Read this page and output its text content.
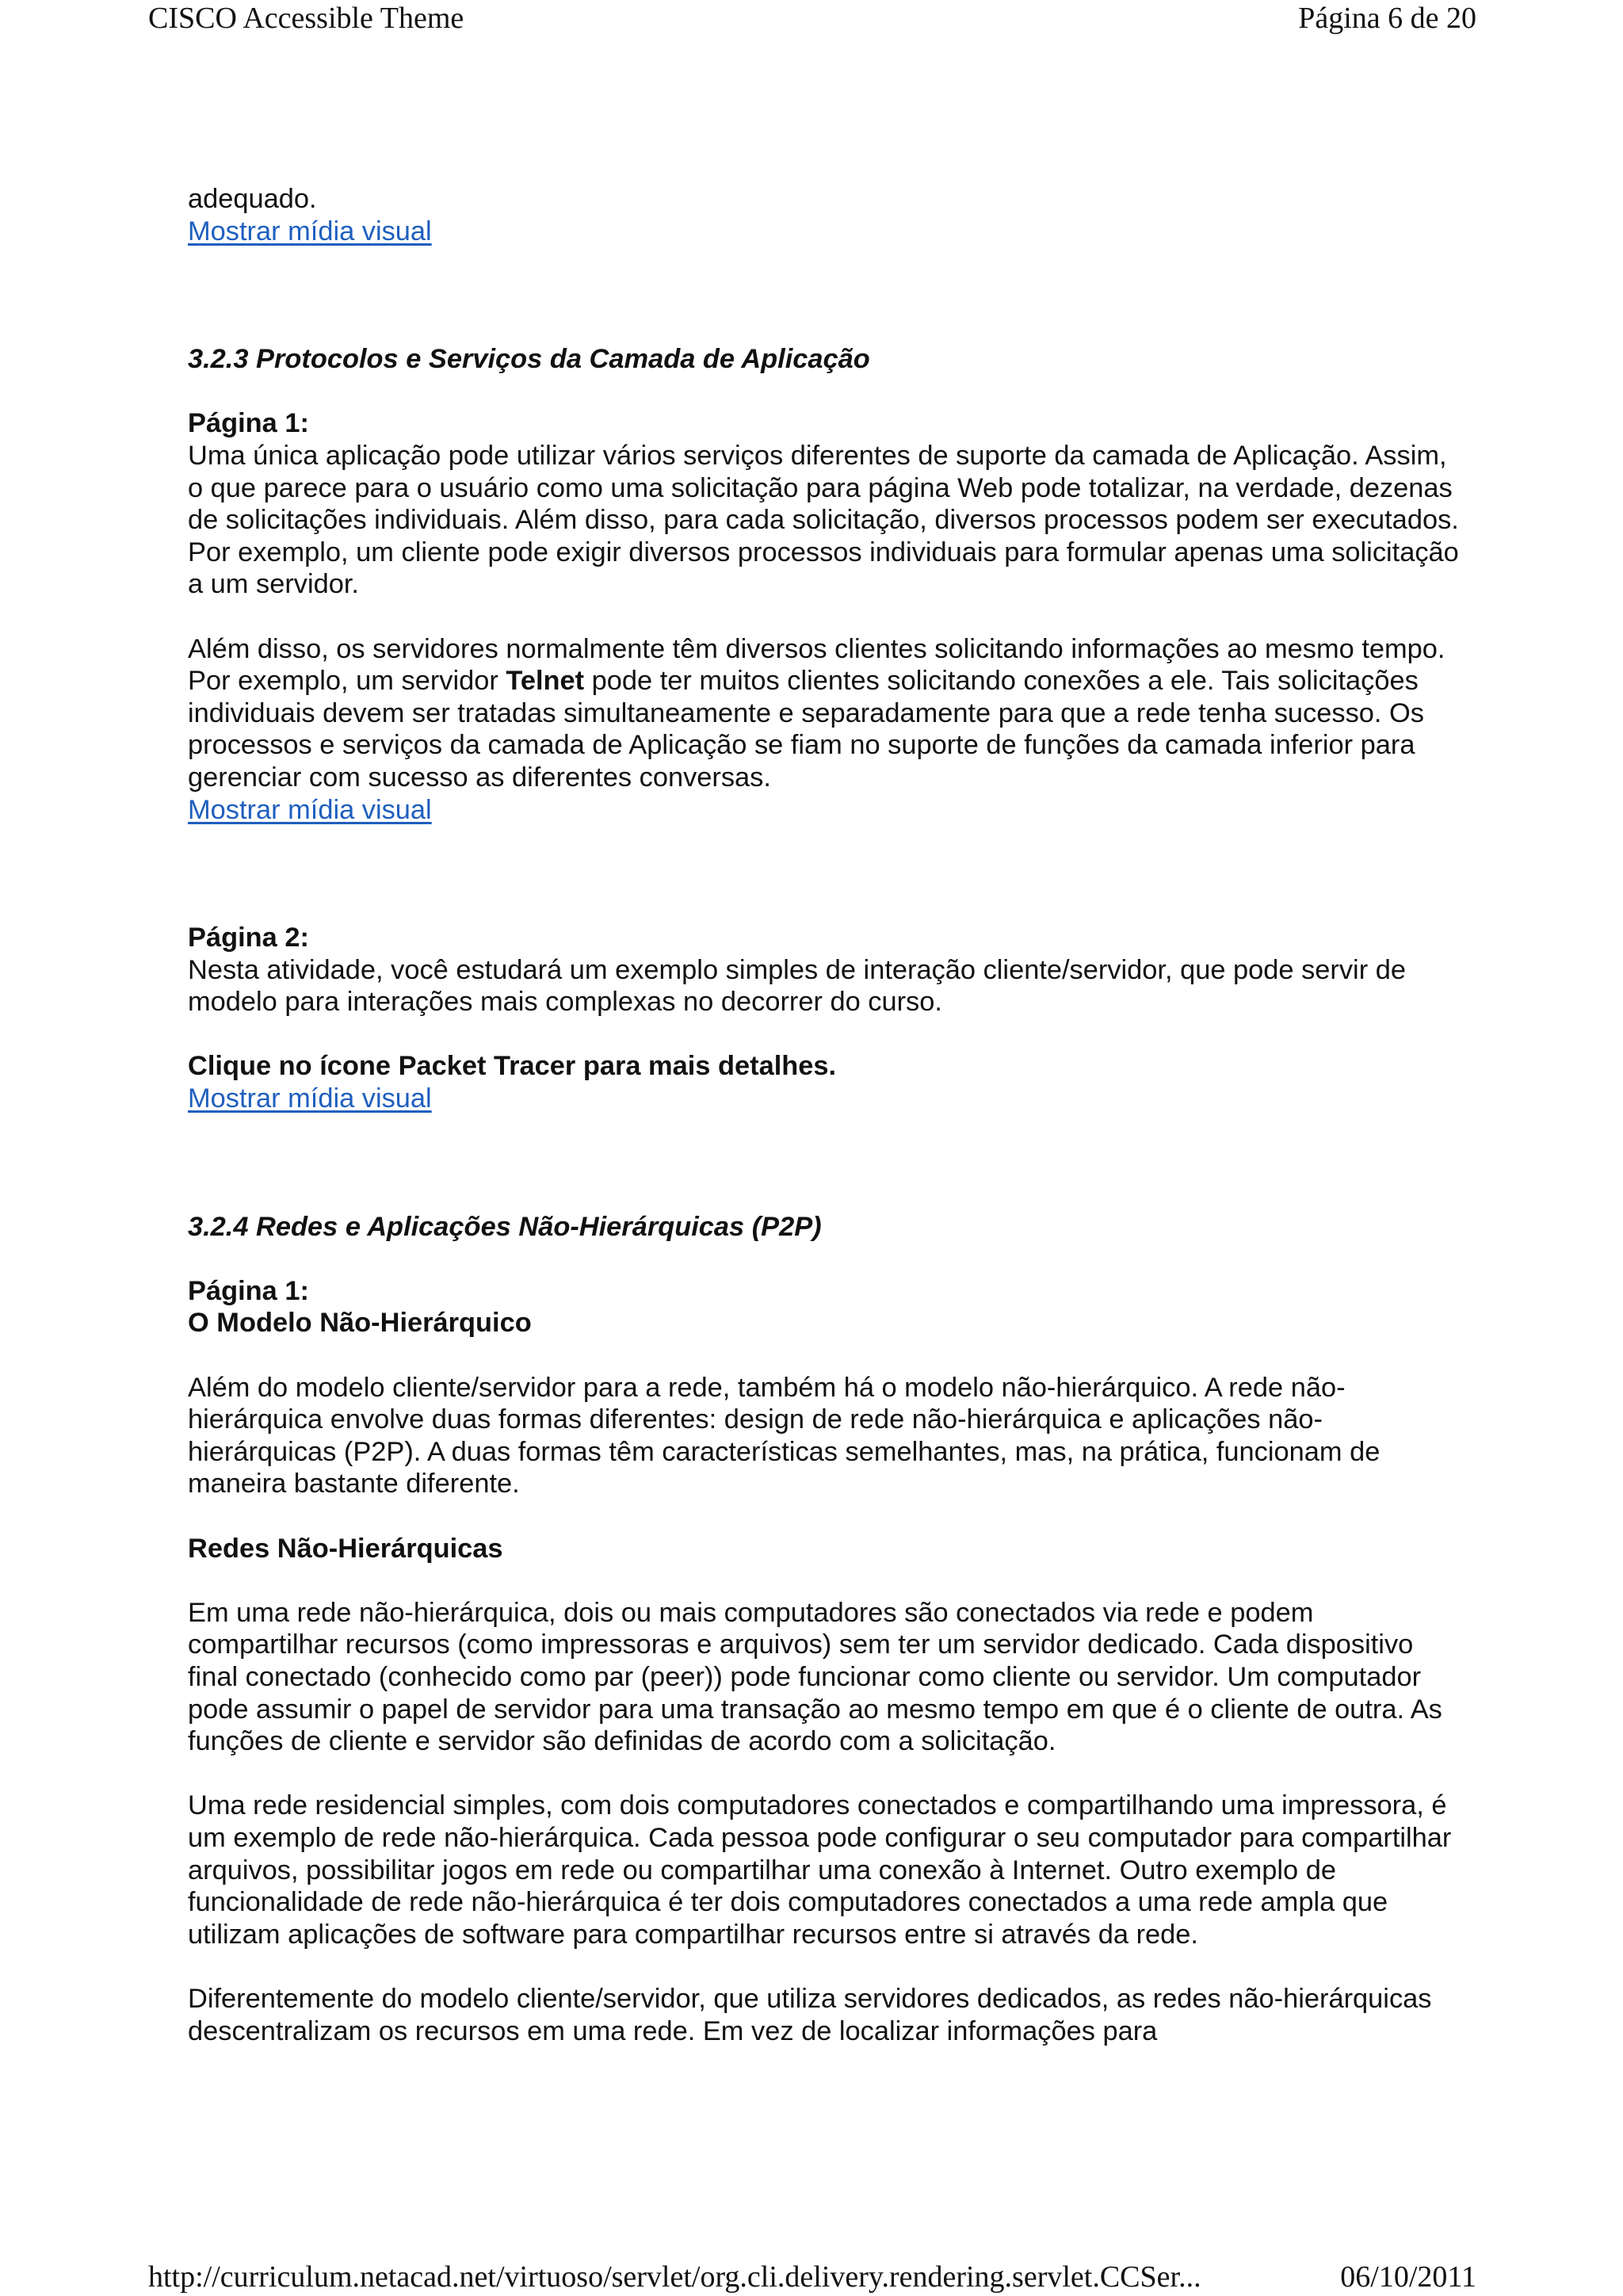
CISCO Accessible Theme	Página 6 de 20

adequado.

Mostrar mídia visual
3.2.3 Protocolos e Serviços da Camada de Aplicação

Página 1:
Uma única aplicação pode utilizar vários serviços diferentes de suporte da camada de Aplicação. Assim, o que parece para o usuário como uma solicitação para página Web pode totalizar, na verdade, dezenas de solicitações individuais. Além disso, para cada solicitação, diversos processos podem ser executados. Por exemplo, um cliente pode exigir diversos processos individuais para formular apenas uma solicitação a um servidor.

Além disso, os servidores normalmente têm diversos clientes solicitando informações ao mesmo tempo. Por exemplo, um servidor Telnet pode ter muitos clientes solicitando conexões a ele. Tais solicitações individuais devem ser tratadas simultaneamente e separadamente para que a rede tenha sucesso. Os processos e serviços da camada de Aplicação se fiam no suporte de funções da camada inferior para gerenciar com sucesso as diferentes conversas.

Mostrar mídia visual

Página 2:
Nesta atividade, você estudará um exemplo simples de interação cliente/servidor, que pode servir de modelo para interações mais complexas no decorrer do curso.

Clique no ícone Packet Tracer para mais detalhes.

Mostrar mídia visual
3.2.4 Redes e Aplicações Não-Hierárquicas (P2P)

Página 1:
O Modelo Não-Hierárquico

Além do modelo cliente/servidor para a rede, também há o modelo não-hierárquico. A rede não-hierárquica envolve duas formas diferentes: design de rede não-hierárquica e aplicações não-hierárquicas (P2P). A duas formas têm características semelhantes, mas, na prática, funcionam de maneira bastante diferente.

Redes Não-Hierárquicas

Em uma rede não-hierárquica, dois ou mais computadores são conectados via rede e podem compartilhar recursos (como impressoras e arquivos) sem ter um servidor dedicado. Cada dispositivo final conectado (conhecido como par (peer)) pode funcionar como cliente ou servidor. Um computador pode assumir o papel de servidor para uma transação ao mesmo tempo em que é o cliente de outra. As funções de cliente e servidor são definidas de acordo com a solicitação.

Uma rede residencial simples, com dois computadores conectados e compartilhando uma impressora, é um exemplo de rede não-hierárquica. Cada pessoa pode configurar o seu computador para compartilhar arquivos, possibilitar jogos em rede ou compartilhar uma conexão à Internet. Outro exemplo de funcionalidade de rede não-hierárquica é ter dois computadores conectados a uma rede ampla que utilizam aplicações de software para compartilhar recursos entre si através da rede.

Diferentemente do modelo cliente/servidor, que utiliza servidores dedicados, as redes não-hierárquicas descentralizam os recursos em uma rede. Em vez de localizar informações para

http://curriculum.netacad.net/virtuoso/servlet/org.cli.delivery.rendering.servlet.CCSer...	06/10/2011
